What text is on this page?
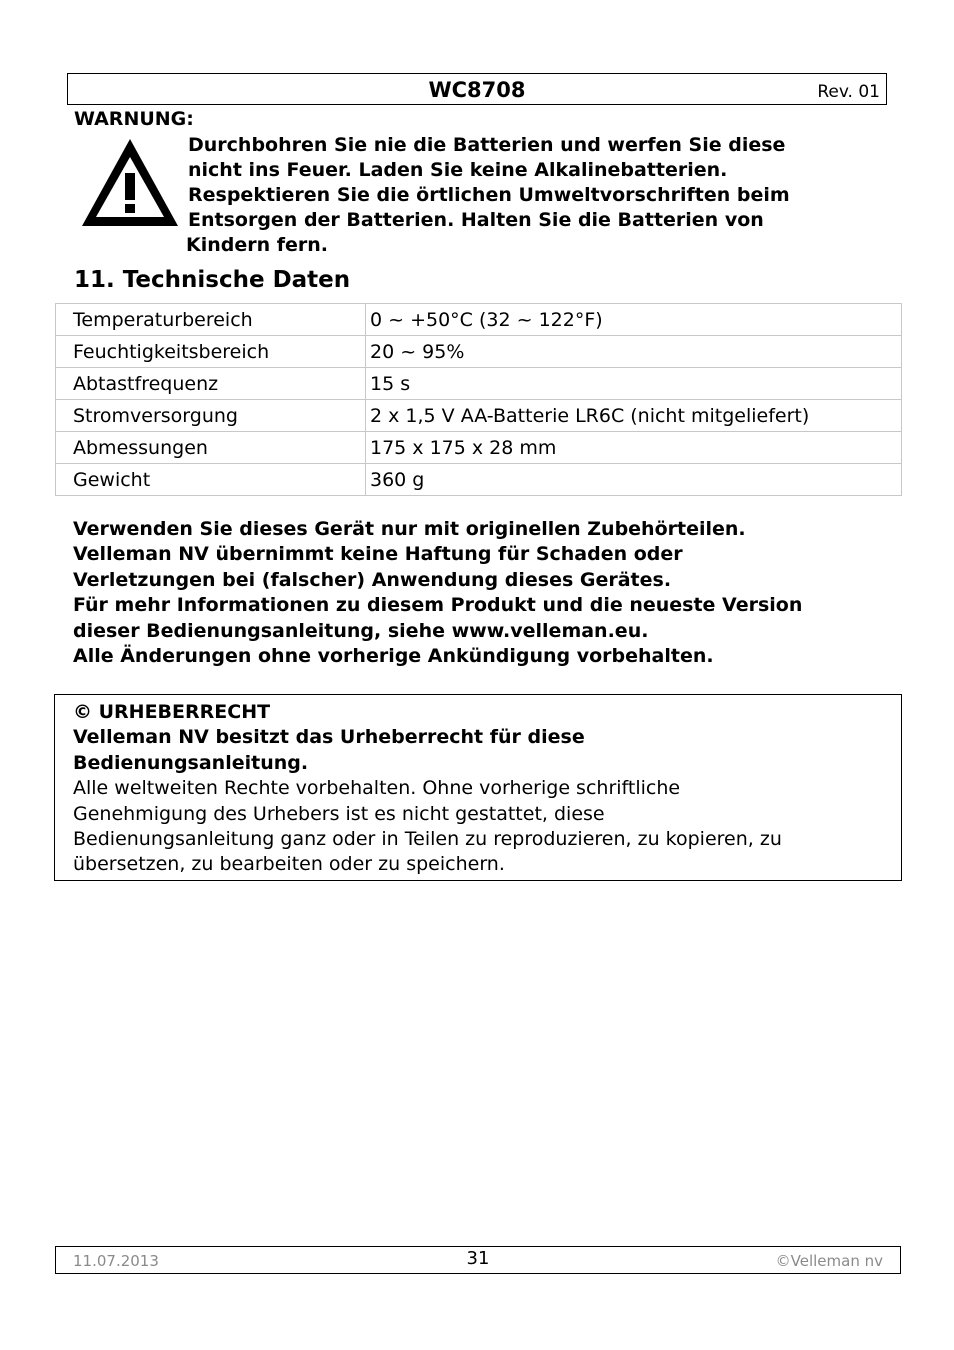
WC8708	Rev. 01
WARNUNG:
Durchbohren Sie nie die Batterien und werfen Sie diese
nicht ins Feuer. Laden Sie keine Alkalinebatterien.
Respektieren Sie die örtlichen Umweltvorschriften beim
Entsorgen der Batterien. Halten Sie die Batterien von
Kindern fern.
11. Technische Daten
Temperaturbereich	0 ~ +50°C (32 ~ 122°F)
Feuchtigkeitsbereich	20 ~ 95%
Abtastfrequenz	15 s
Stromversorgung	2 x 1,5 V AA-Batterie LR6C (nicht mitgeliefert)
Abmessungen	175 x 175 x 28 mm
Gewicht	360 g
Verwenden Sie dieses Gerät nur mit originellen Zubehörteilen.
Velleman NV übernimmt keine Haftung für Schaden oder
Verletzungen bei (falscher) Anwendung dieses Gerätes.
Für mehr Informationen zu diesem Produkt und die neueste Version
dieser Bedienungsanleitung, siehe www.velleman.eu.
Alle Änderungen ohne vorherige Ankündigung vorbehalten.
© URHEBERRECHT
Velleman NV besitzt das Urheberrecht für diese
Bedienungsanleitung.
Alle weltweiten Rechte vorbehalten. Ohne vorherige schriftliche
Genehmigung des Urhebers ist es nicht gestattet, diese
Bedienungsanleitung ganz oder in Teilen zu reproduzieren, zu kopieren, zu
übersetzen, zu bearbeiten oder zu speichern.
11.07.2013	31	©Velleman nv
